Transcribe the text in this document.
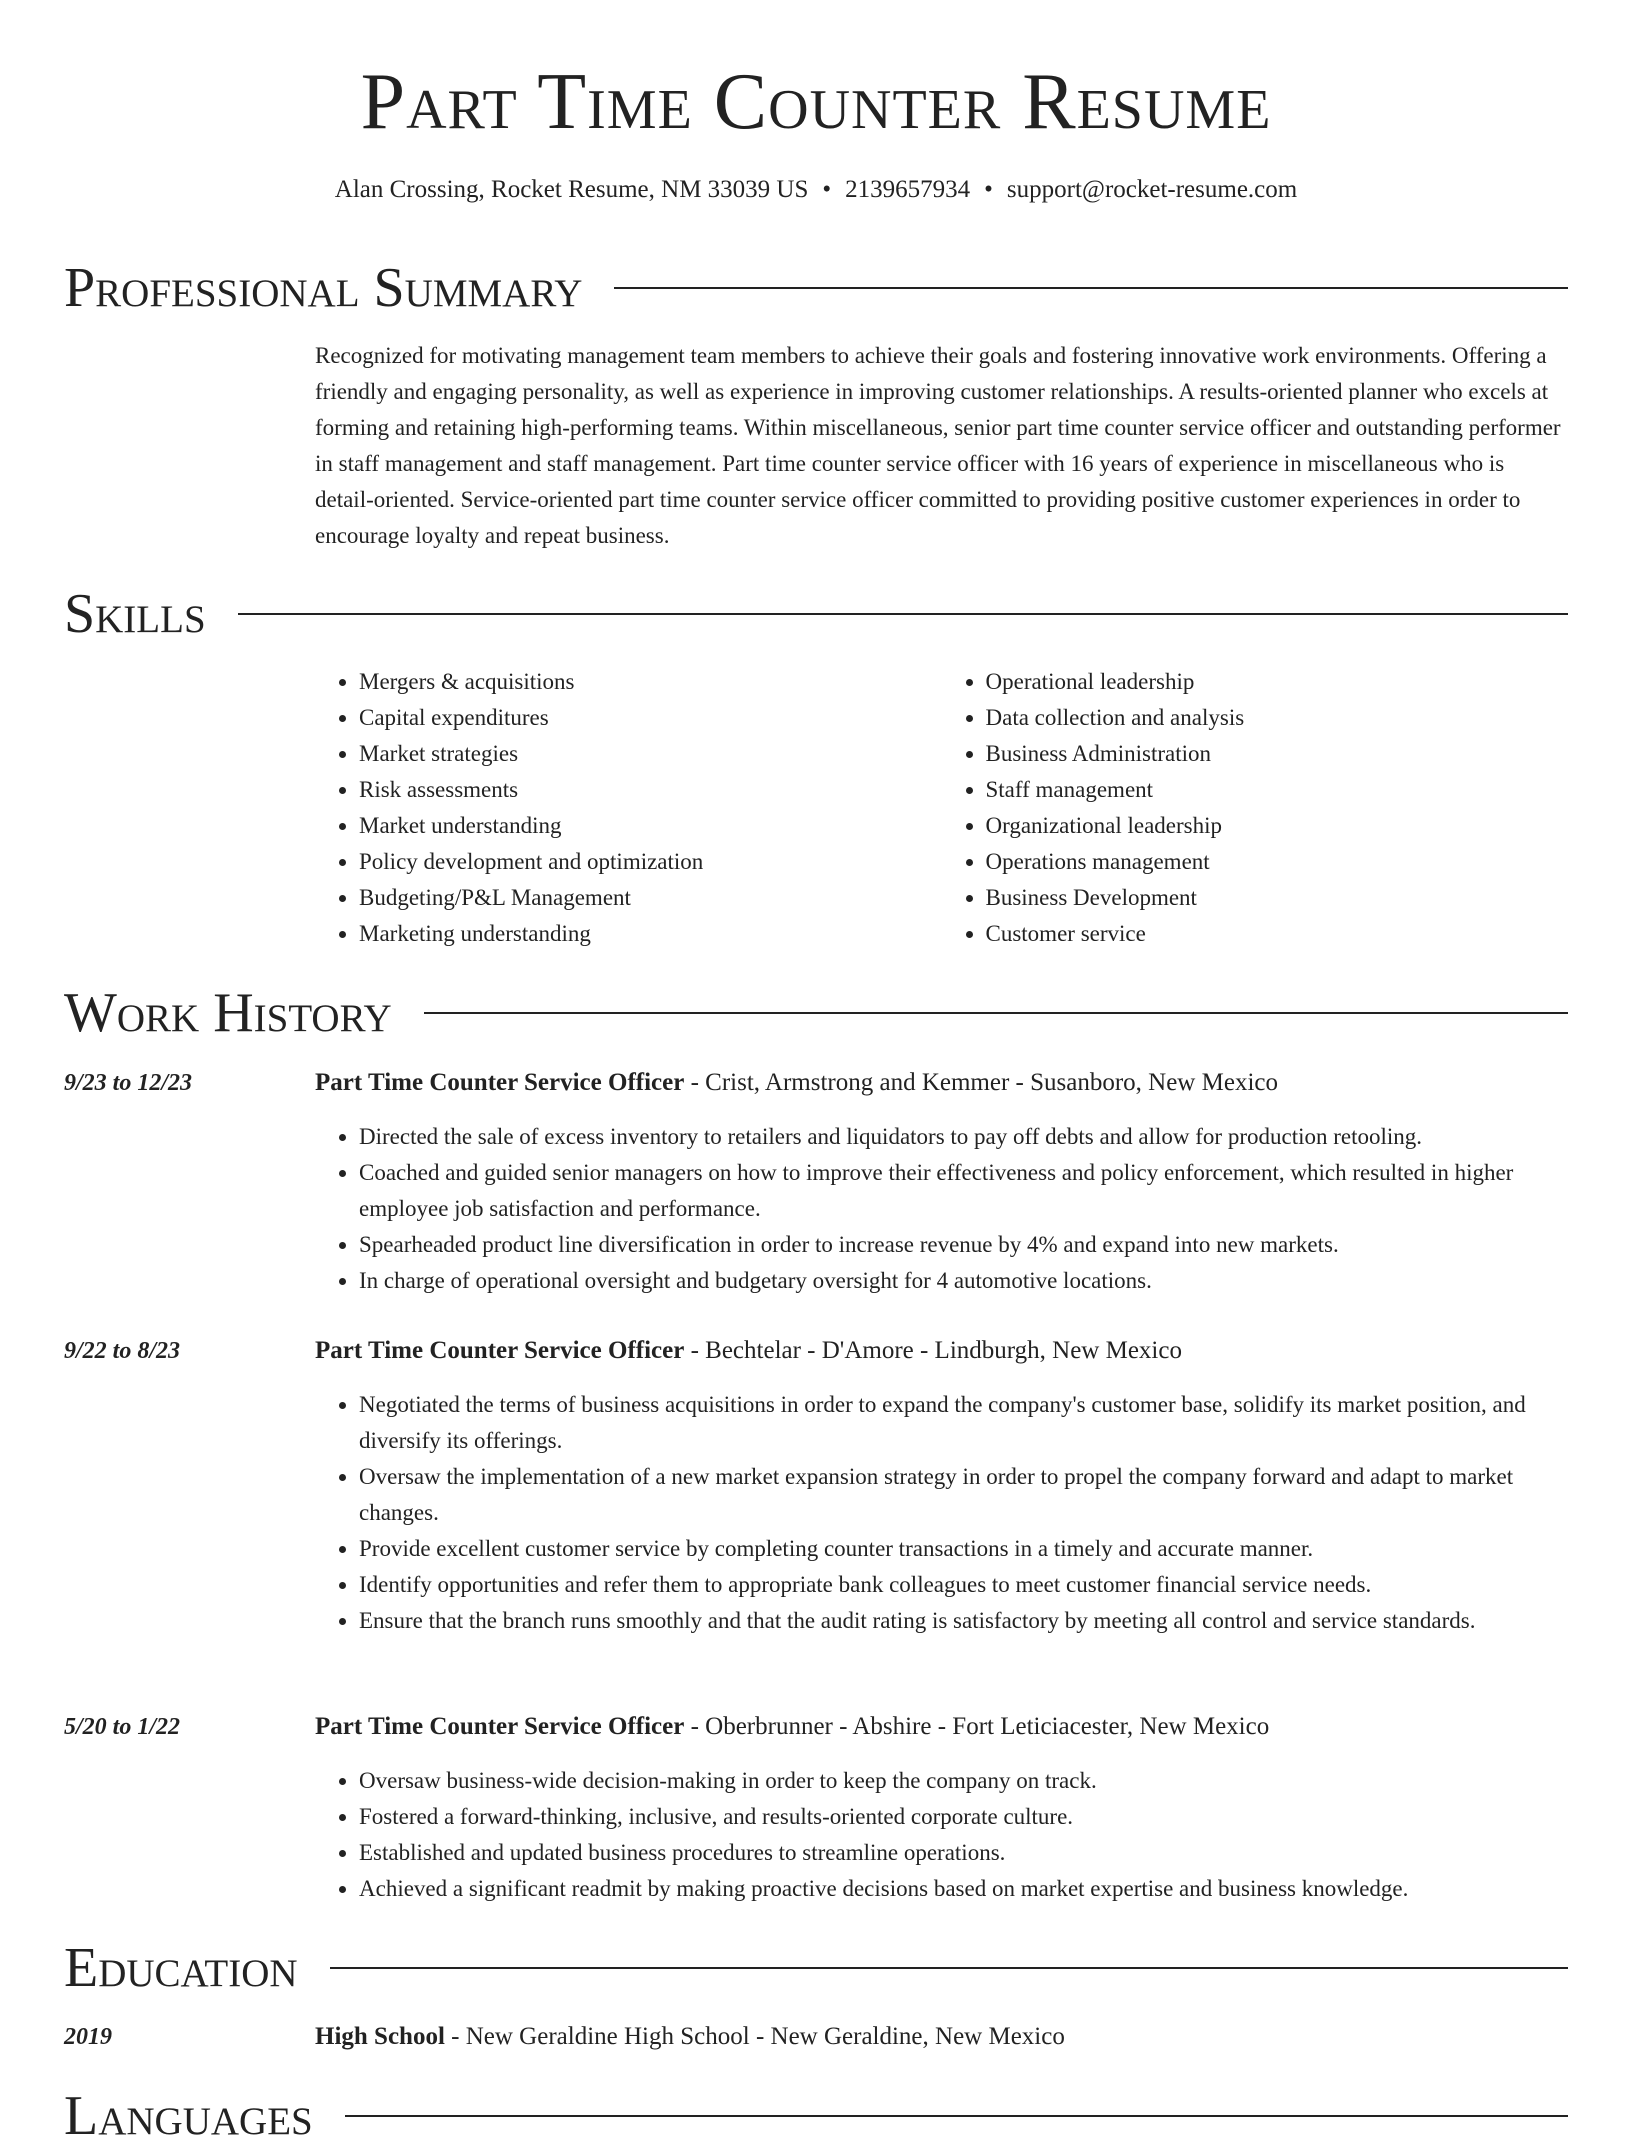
Part Time Counter Resume
Alan Crossing, Rocket Resume, NM 33039 US • 2139657934 • support@rocket-resume.com
Professional Summary
Recognized for motivating management team members to achieve their goals and fostering innovative work environments. Offering a friendly and engaging personality, as well as experience in improving customer relationships. A results-oriented planner who excels at forming and retaining high-performing teams. Within miscellaneous, senior part time counter service officer and outstanding performer in staff management and staff management. Part time counter service officer with 16 years of experience in miscellaneous who is detail-oriented. Service-oriented part time counter service officer committed to providing positive customer experiences in order to encourage loyalty and repeat business.
Skills
• Mergers & acquisitions
• Capital expenditures
• Market strategies
• Risk assessments
• Market understanding
• Policy development and optimization
• Budgeting/P&L Management
• Marketing understanding
• Operational leadership
• Data collection and analysis
• Business Administration
• Staff management
• Organizational leadership
• Operations management
• Business Development
• Customer service
Work History
9/23 to 12/23	Part Time Counter Service Officer - Crist, Armstrong and Kemmer - Susanboro, New Mexico
• Directed the sale of excess inventory to retailers and liquidators to pay off debts and allow for production retooling.
• Coached and guided senior managers on how to improve their effectiveness and policy enforcement, which resulted in higher employee job satisfaction and performance.
• Spearheaded product line diversification in order to increase revenue by 4% and expand into new markets.
• In charge of operational oversight and budgetary oversight for 4 automotive locations.
9/22 to 8/23	Part Time Counter Service Officer - Bechtelar - D'Amore - Lindburgh, New Mexico
• Negotiated the terms of business acquisitions in order to expand the company's customer base, solidify its market position, and diversify its offerings.
• Oversaw the implementation of a new market expansion strategy in order to propel the company forward and adapt to market changes.
• Provide excellent customer service by completing counter transactions in a timely and accurate manner.
• Identify opportunities and refer them to appropriate bank colleagues to meet customer financial service needs.
• Ensure that the branch runs smoothly and that the audit rating is satisfactory by meeting all control and service standards.
5/20 to 1/22	Part Time Counter Service Officer - Oberbrunner - Abshire - Fort Leticiacester, New Mexico
• Oversaw business-wide decision-making in order to keep the company on track.
• Fostered a forward-thinking, inclusive, and results-oriented corporate culture.
• Established and updated business procedures to streamline operations.
• Achieved a significant readmit by making proactive decisions based on market expertise and business knowledge.
Education
2019	High School - New Geraldine High School - New Geraldine, New Mexico
Languages
